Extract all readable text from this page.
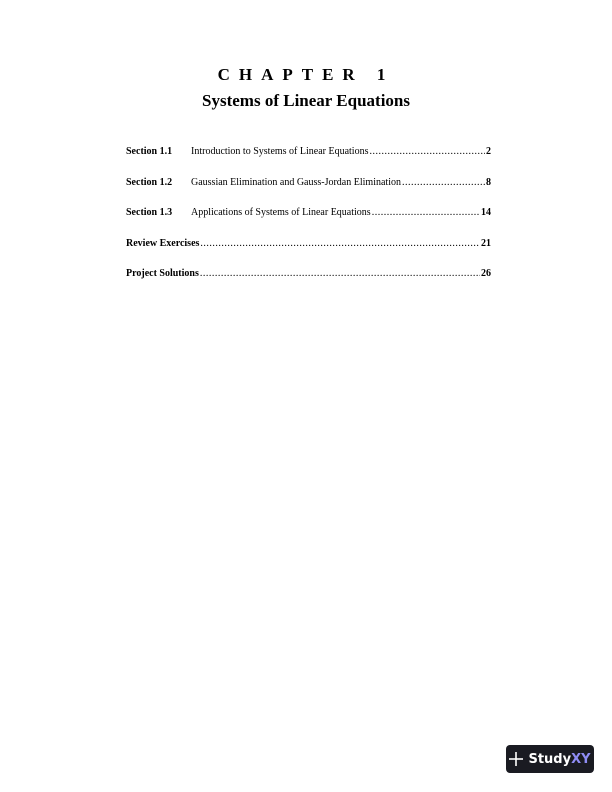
CHAPTER 1
Systems of Linear Equations
Section 1.1	Introduction to Systems of Linear Equations .....	2
Section 1.2	Gaussian Elimination and Gauss-Jordan Elimination .....	8
Section 1.3	Applications of Systems of Linear Equations .....	14
Review Exercises .....	21
Project Solutions .....	26
Study XY
